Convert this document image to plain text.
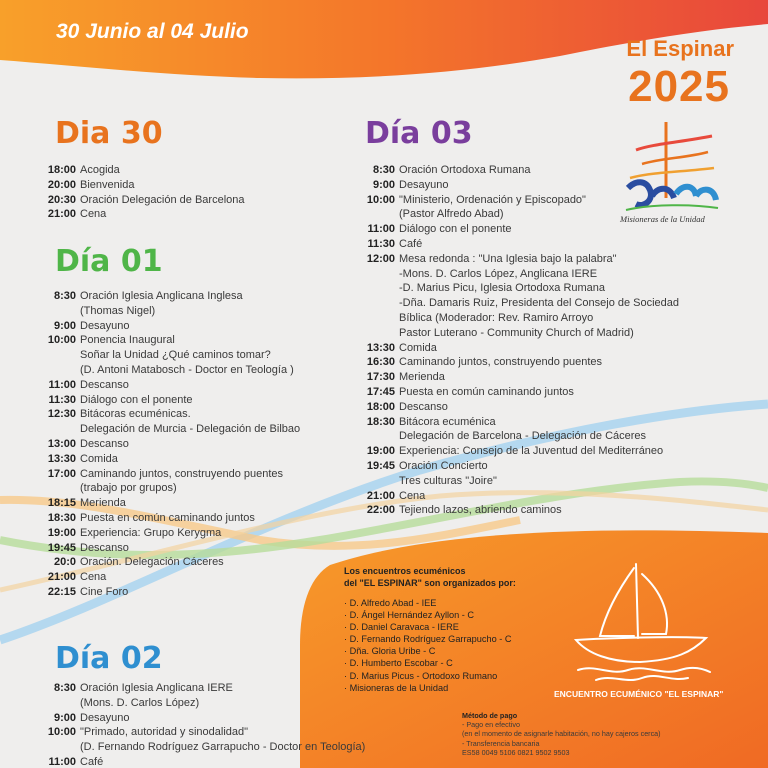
30 Junio al 04 Julio
El Espinar
2025
Misioneras de la Unidad
Los encuentros ecuménicos
del "EL ESPINAR" son organizados por:
· D. Alfredo Abad - IEE
· D. Ángel Hernández Ayllon - C
· D. Daniel Caravaca - IERE
· D. Fernando Rodríguez Garrapucho - C
· Dña. Gloria Uribe - C
· D. Humberto Escobar - C
· D. Marius Picus - Ortodoxo Rumano
· Misioneras de la Unidad
ENCUENTRO ECUMÉNICO "EL ESPINAR"
Método de pago
- Pago en efectivo
(en el momento de asignarle habitación, no hay cajeros cerca)
- Transferencia bancaria
ES58 0049 5106 0821 9502 9503
Dia 30
Día 01
Día 02
Día 03
18:00 Acogida
20:00 Bienvenida
20:30 Oración Delegación de Barcelona
21:00 Cena
8:30 Oración Iglesia Anglicana Inglesa
(Thomas Nigel)
9:00 Desayuno
10:00 Ponencia Inaugural
Soñar la Unidad ¿Qué caminos tomar?
(D. Antoni Matabosch - Doctor en Teología )
11:00 Descanso
11:30 Diálogo con el ponente
12:30 Bitácoras ecuménicas.
Delegación de Murcia - Delegación de Bilbao
13:00 Descanso
13:30 Comida
17:00 Caminando juntos, construyendo puentes
(trabajo por grupos)
18:15 Merienda
18:30 Puesta en común caminando juntos
19:00 Experiencia: Grupo Kerygma
19:45 Descanso
20:0 Oración. Delegación Cáceres
21:00 Cena
22:15 Cine Foro
8:30 Oración Iglesia Anglicana IERE
(Mons. D. Carlos López)
9:00 Desayuno
10:00 "Primado, autoridad y sinodalidad"
(D. Fernando Rodríguez Garrapucho - Doctor en Teología)
11:00 Café
8:30 Oración Ortodoxa Rumana
9:00 Desayuno
10:00 "Ministerio, Ordenación y Episcopado"
(Pastor Alfredo Abad)
11:00 Diálogo con el ponente
11:30 Café
12:00 Mesa redonda : "Una Iglesia bajo la palabra"
-Mons. D. Carlos López, Anglicana IERE
-D. Marius Picu, Iglesia Ortodoxa Rumana
-Dña. Damaris Ruiz, Presidenta del Consejo de Sociedad
Bíblica (Moderador: Rev. Ramiro Arroyo
Pastor Luterano - Community Church of Madrid)
13:30 Comida
16:30 Caminando juntos, construyendo puentes
17:30 Merienda
17:45 Puesta en común caminando juntos
18:00 Descanso
18:30 Bitácora ecuménica
Delegación de Barcelona - Delegación de Cáceres
19:00 Experiencia: Consejo de la Juventud del Mediterráneo
19:45 Oración Concierto
Tres culturas "Joire"
21:00 Cena
22:00 Tejiendo lazos, abriendo caminos
